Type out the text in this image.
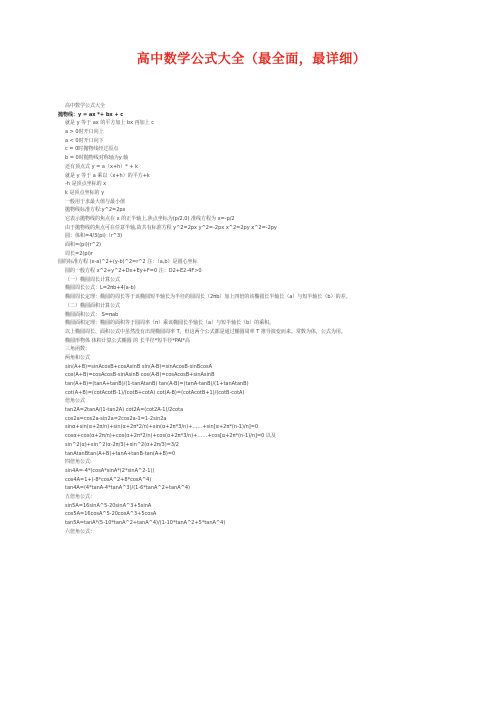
高中数学公式大全（最全面，最详细）
高中数学公式大全
抛物线：y = ax *+ bx + c
就是 y 等于 ax 的平方加上 bx 再加上 c
a > 0时开口向上
a < 0时开口向下
c = 0时抛物线经过原点
b = 0时抛物线对称轴为y 轴
还有顶点式 y = a（x+h）* + k
就是 y 等于 a 乘以（x+h）的平方+k
-h 是顶点坐标的 x
k 是顶点坐标的 y
一般用于求最大值与最小值
抛物线标准方程:y^2=2px
它表示抛物线的焦点在 x 的正半轴上,焦点坐标为(p/2,0) 准线方程为 x=-p/2
由于抛物线的焦点可在任意半轴,故共有标准方程 y^2=2px y^2=-2px x^2=2py x^2=-2py
圆：体积=4/3(pi)（r^3)
面积=(pi)(r^2)
周长=2(pi)r
圆的标准方程 (x-a)^2+(y-b)^2=r^2 注：（a,b）是圆心坐标
圆的一般方程 x^2+y^2+Dx+Ey+F=0 注：D2+E2-4F>0
（一）椭圆周长计算公式
椭圆周长公式：L=2πb+4(a-b)
椭圆周长定理：椭圆的周长等于该椭圆短半轴长为半径的圆周长（2πb）加上四倍的该椭圆长半轴长（a）与短半轴长（b）的差。
（二）椭圆面积计算公式
椭圆面积公式： S=πab
椭圆面积定理：椭圆的面积等于圆周率（π）乘该椭圆长半轴长（a）与短半轴长（b）的乘积。
以上椭圆周长、面积公式中虽然没有出现椭圆周率 T，但这两个公式都是通过椭圆周率 T 推导演变而来。常数为体，公式为用。
椭圆形物体 体积计算公式椭圆 的 长半径*短半径*PAI*高
三角函数：
两角和公式
sin(A+B)=sinAcosB+cosAsinB sin(A-B)=sinAcosB-sinBcosA
cos(A+B)=cosAcosB-sinAsinB cos(A-B)=cosAcosB+sinAsinB
tan(A+B)=(tanA+tanB)/(1-tanAtanB) tan(A-B)=(tanA-tanB)/(1+tanAtanB)
cot(A+B)=(cotAcotB-1)/(cotB+cotA) cot(A-B)=(cotAcotB+1)/(cotB-cotA)
倍角公式
tan2A=2tanA/(1-tan2A) cot2A=(cot2A-1)/2cota
cos2a=cos2a-sin2a=2cos2a-1=1-2sin2a
sinα+sin(α+2π/n)+sin(α+2π*2/n)+sin(α+2π*3/n)+……+sin[α+2π*(n-1)/n]=0
cosα+cos(α+2π/n)+cos(α+2π*2/n)+cos(α+2π*3/n)+……+cos[α+2π*(n-1)/n]=0 以及
sin^2(α)+sin^2(α-2π/3)+sin^2(α+2π/3)=3/2
tanAtanBtan(A+B)+tanA+tanB-tan(A+B)=0
四倍角公式:
sin4A=-4*(cosA*sinA*(2*sinA^2-1))
cos4A=1+(-8*cosA^2+8*cosA^4)
tan4A=(4*tanA-4*tanA^3)/(1-6*tanA^2+tanA^4)
五倍角公式：
sin5A=16sinA^5-20sinA^3+5sinA
cos5A=16cosA^5-20cosA^3+5cosA
tan5A=tanA*(5-10*tanA^2+tanA^4)/(1-10*tanA^2+5*tanA^4)
六倍角公式：
